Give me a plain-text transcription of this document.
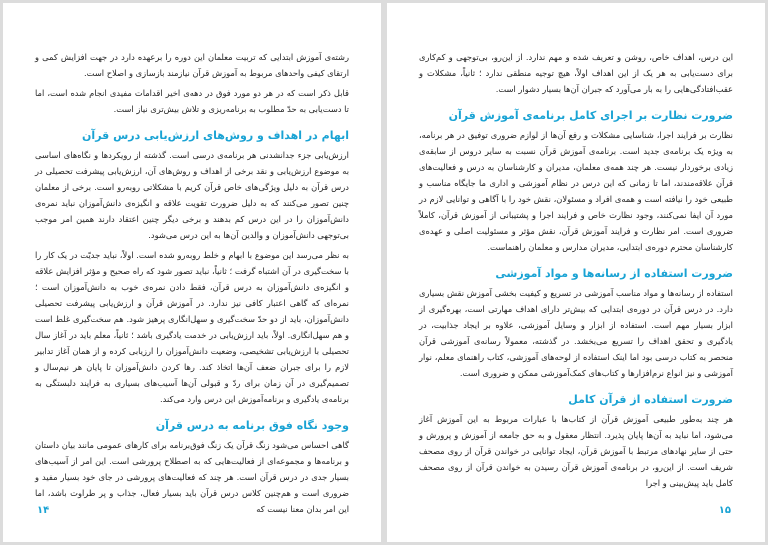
رشته‌ی آموزش ابتدایی که تربیت معلمان این دوره را برعهده دارد در جهت افزایش کمی و ارتقای کیفی واحدهای مربوط به آموزش قرآن نیازمند بازسازی و اصلاح است.

قابل ذکر است که در هر دو مورد فوق در دهه‌ی اخیر اقدامات مفیدی انجام شده است، اما تا دست‌یابی به حدّ مطلوب به برنامه‌ریزی و تلاش بیش‌تری نیاز است.

ابهام در اهداف و روش‌های ارزش‌یابی درس قرآن

ارزش‌یابی جزء جدانشدنی هر برنامه‌ی درسی است. گذشته از رویکردها و نگاه‌های اساسی به موضوع ارزش‌یابی و نقد برخی از اهداف و روش‌های آن، ارزش‌یابی پیشرفت تحصیلی در درس قرآن به دلیل ویژگی‌های خاص قرآن کریم با مشکلاتی روبه‌رو است. برخی از معلمان چنین تصور می‌کنند که به دلیل ضرورت تقویت علاقه و انگیزه‌ی دانش‌آموزان نباید نمره‌ی دانش‌آموزان را در این درس کم بدهند و برخی دیگر چنین اعتقاد دارند همین امر موجب بی‌توجهی دانش‌آموزان و والدین آن‌ها به این درس می‌شود.

به نظر می‌رسد این موضوع با ابهام و خلط روبه‌رو شده است. اولاً، نباید جدیّت در یک کار را با سخت‌گیری در آن اشتباه گرفت ؛ ثانیاً، نباید تصور شود که راه صحیح و مؤثر افزایش علاقه و انگیزه‌ی دانش‌آموزان به درس قرآن، فقط دادن نمره‌ی خوب به دانش‌آموزان است ؛ نمره‌ای که گاهی اعتبار کافی نیز ندارد. در آموزش قرآن و ارزش‌یابی پیشرفت تحصیلی دانش‌آموزان، باید از دو حدّ سخت‌گیری و سهل‌انگاری پرهیز شود. هم سخت‌گیری غلط است و هم سهل‌انگاری. اولاً، باید ارزش‌یابی در خدمت یادگیری باشد ؛ ثانیاً، معلم باید در آغاز سال تحصیلی با ارزش‌یابی تشخیصی، وضعیت دانش‌آموزان را ارزیابی کرده و از همان آغاز تدابیر لازم را برای جبران ضعف آن‌ها اتخاذ کند. رها کردن دانش‌آموزان تا پایان هر نیم‌سال و تصمیم‌گیری در آن زمان برای ردّ و قبولی آن‌ها آسیب‌های بسیاری به فرایند دلبستگی به برنامه‌ی یادگیری و برنامه‌آموزش این درس وارد می‌کند.

وجود نگاه فوق برنامه به درس قرآن

گاهی احساس می‌شود زنگ قرآن یک زنگ فوق‌برنامه برای کارهای عمومی مانند بیان داستان و برنامه‌ها و مجموعه‌ای از فعالیت‌هایی که به اصطلاح پرورشی است. این امر از آسیب‌های بسیار جدی در درس قرآن است. هر چند که فعالیت‌های پرورشی در جای خود بسیار مفید و ضروری است و هم‌چنین کلاس درس قرآن باید بسیار فعال، جذاب و پر طراوت باشد، اما این امر بدان معنا نیست که

۱۴

این درس، اهداف خاص، روشن و تعریف شده و مهم ندارد. از این‌رو، بی‌توجهی و کم‌کاری برای دست‌یابی به هر یک از این اهداف اولاً، هیچ توجیه منطقی ندارد ؛ ثانیاً، مشکلات و عقب‌افتادگی‌هایی را به بار می‌آورد که جبران آن‌ها بسیار دشوار است.

ضرورت نظارت بر اجرای کامل برنامه‌ی آموزش قرآن

نظارت بر فرایند اجرا، شناسایی مشکلات و رفع آن‌ها از لوازم ضروری توفیق در هر برنامه، به ویژه یک برنامه‌ی جدید است. برنامه‌ی آموزش قرآن نسبت به سایر دروس از سابقه‌ی زیادی برخوردار نیست. هر چند همه‌ی معلمان، مدیران و کارشناسان به درس و فعالیت‌های قرآن علاقه‌مندند، اما تا زمانی که این درس در نظام آموزشی و اداری ما جایگاه مناسب و طبیعی خود را نیافته است و همه‌ی افراد و مسئولان، نقش خود را با آگاهی و توانایی لازم در مورد آن ایفا نمی‌کنند، وجود نظارت خاص و فرایند اجرا و پشتیبانی از آموزش قرآن، کاملاً ضروری است. امر نظارت و فرایند آموزش قرآن، نقش مؤثر و مسئولیت اصلی و عهده‌ی کارشناسان محترم دوره‌ی ابتدایی، مدیران مدارس و معلمان راهنماست.

ضرورت استفاده از رسانه‌ها و مواد آموزشی

استفاده از رسانه‌ها و مواد مناسب آموزشی در تسریع و کیفیت بخشی آموزش نقش بسیاری دارد. در درس قرآن در دوره‌ی ابتدایی که بیش‌تر دارای اهداف مهارتی است، بهره‌گیری از ابزار بسیار مهم است. استفاده از ابزار و وسایل آموزشی، علاوه بر ایجاد جذابیت، در یادگیری و تحقق اهداف را تسریع می‌بخشد. در گذشته، معمولاً رسانه‌ی آموزشی قرآن منحصر به کتاب درسی بود اما اینک استفاده از لوحه‌های آموزشی، کتاب راهنمای معلم، نوار آموزشی و نیز انواع نرم‌افزارها و کتاب‌های کمک‌آموزشی ممکن و ضروری است.

ضرورت استفاده از قرآن کامل

هر چند به‌طور طبیعی آموزش قرآن از کتاب‌ها با عبارات مربوط به این آموزش آغاز می‌شود، اما نباید به آن‌ها پایان پذیرد. انتظار معقول و به حق جامعه از آموزش و پرورش و حتی از سایر نهادهای مرتبط با آموزش قرآن، ایجاد توانایی در خواندن قرآن از روی مصحف شریف است. از این‌رو، در برنامه‌ی آموزش قرآن رسیدن به خواندن قرآن از روی مصحف کامل باید پیش‌بینی و اجرا

۱۵
